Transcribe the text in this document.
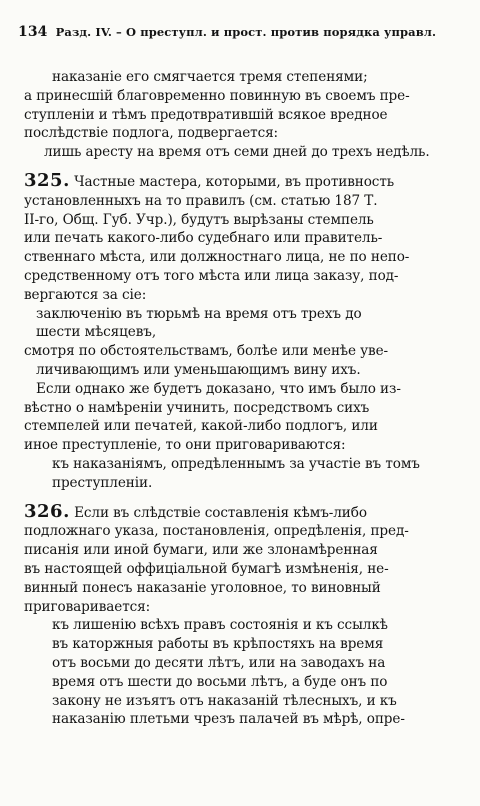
134 Разд. IV. – О преступл. и прост. против порядка управл.
наказаніе его смягчается тремя степенями;
а принесшій благовременно повинную въ своемъ пре-
ступленіи и тѣмъ предотвратившій всякое вредное
послѣдствіе подлога, подвергается:
лишь аресту на время отъ семи дней до трехъ недѣль.
325. Частные мастера, которыми, въ противность
установленныхъ на то правилъ (см. статью 187 Т.
II-го, Общ. Губ. Учр.), будутъ вырѣзаны стемпель
или печать какого-либо судебнаго или правитель-
ственнаго мѣста, или должностнаго лица, не по непо-
средственному отъ того мѣста или лица заказу, под-
вергаются за сіе:
заключенію въ тюрьмѣ на время отъ трехъ до
шести мѣсяцевъ,
смотря по обстоятельствамъ, болѣе или менѣе уве-
личивающимъ или уменьшающимъ вину ихъ.
Если однако же будетъ доказано, что имъ было из-
вѣстно о намѣреніи учинить, посредствомъ сихъ
стемпелей или печатей, какой-либо подлогъ, или
иное преступленіе, то они приговариваются:
къ наказаніямъ, опредѣленнымъ за участіе въ томъ
преступленіи.
326. Если въ слѣдствіе составленія кѣмъ-либо
подложнаго указа, постановленія, опредѣленія, пред-
писанія или иной бумаги, или же злонамѣренная
въ настоящей оффиціальной бумагѣ измѣненія, не-
винный понесъ наказаніе уголовное, то виновный
приговаривается:
къ лишенію всѣхъ правъ состоянія и къ ссылкѣ
въ каторжныя работы въ крѣпостяхъ на время
отъ восьми до десяти лѣтъ, или на заводахъ на
время отъ шести до восьми лѣтъ, а буде онъ по
закону не изъятъ отъ наказаній тѣлесныхъ, и къ
наказанію плетьми чрезъ палачей въ мѣрѣ, опре-
